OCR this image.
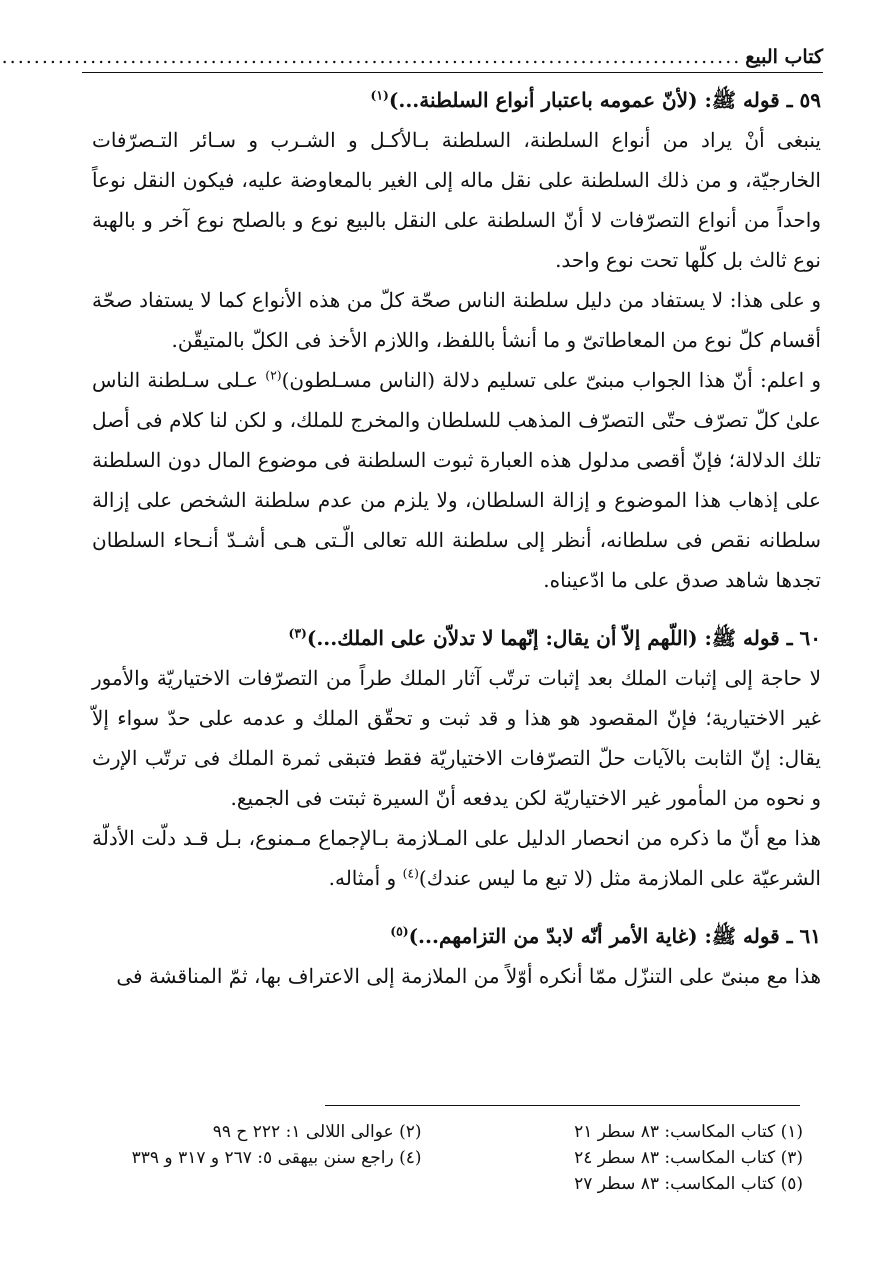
كتاب البيع
............................................................................................
٥٩ ـ قوله ﷺ: (لأنّ عمومه باعتبار أنواع السلطنة...)$^{(١)}$

ينبغى أنْ يراد من أنواع السلطنة، السلطنة بـالأكـل و الشـرب و سـائر التـصرّفات الخارجيّة، و من ذلك السلطنة على نقل ماله إلى الغير بالمعاوضة عليه، فيكون النقل نوعاً واحداً من أنواع التصرّفات لا أنّ السلطنة على النقل بالبيع نوع و بالصلح نوع آخر و بالهبة نوع ثالث بل كلّها تحت نوع واحد.

و على هذا: لا يستفاد من دليل سلطنة الناس صحّة كلّ من هذه الأنواع كما لا يستفاد صحّة أقسام كلّ نوع من المعاطاتىّ و ما أنشأ باللفظ، واللازم الأخذ فى الكلّ بالمتيقّن.

و اعلم: أنّ هذا الجواب مبنىّ على تسليم دلالة (الناس مسـلطون)$^{(٢)}$ عـلى سـلطنة الناس علىٰ كلّ تصرّف حتّى التصرّف المذهب للسلطان والمخرج للملك، و لكن لنا كلام فى أصل تلك الدلالة؛ فإنّ أقصى مدلول هذه العبارة ثبوت السلطنة فى موضوع المال دون السلطنة على إذهاب هذا الموضوع و إزالة السلطان، ولا يلزم من عدم سلطنة الشخص على إزالة سلطانه نقص فى سلطانه، أنظر إلى سلطنة الله تعالى الّـتى هـى أشـدّ أنـحاء السلطان تجدها شاهد صدق على ما ادّعيناه.

٦٠ ـ قوله ﷺ: (اللّهم إلاّ أن يقال: إنّهما لا تدلاّن على الملك...)$^{(٣)}$

لا حاجة إلى إثبات الملك بعد إثبات ترتّب آثار الملك طراً من التصرّفات الاختياريّة والأمور غير الاختيارية؛ فإنّ المقصود هو هذا و قد ثبت و تحقّق الملك و عدمه على حدّ سواء إلاّ يقال: إنّ الثابت بالآيات حلّ التصرّفات الاختياريّة فقط فتبقى ثمرة الملك فى ترتّب الإرث و نحوه من المأمور غير الاختياريّة لكن يدفعه أنّ السيرة ثبتت فى الجميع.

هذا مع أنّ ما ذكره من انحصار الدليل على المـلازمة بـالإجماع مـمنوع، بـل قـد دلّت الأدلّة الشرعيّة على الملازمة مثل (لا تبع ما ليس عندك)$^{(٤)}$ و أمثاله.

٦١ ـ قوله ﷺ: (غاية الأمر أنّه لابدّ من التزامهم...)$^{(٥)}$

هذا مع مبنىّ على التنزّل ممّا أنكره أوّلاً من الملازمة إلى الاعتراف بها، ثمّ المناقشة فى

(١) كتاب المكاسب: ٨٣ سطر ٢١
(٢) عوالى اللالى ١: ٢٢٢ ح ٩٩
(٣) كتاب المكاسب: ٨٣ سطر ٢٤
(٤) راجع سنن بيهقى ٥: ٢٦٧ و ٣١٧ و ٣٣٩
(٥) كتاب المكاسب: ٨٣ سطر ٢٧
